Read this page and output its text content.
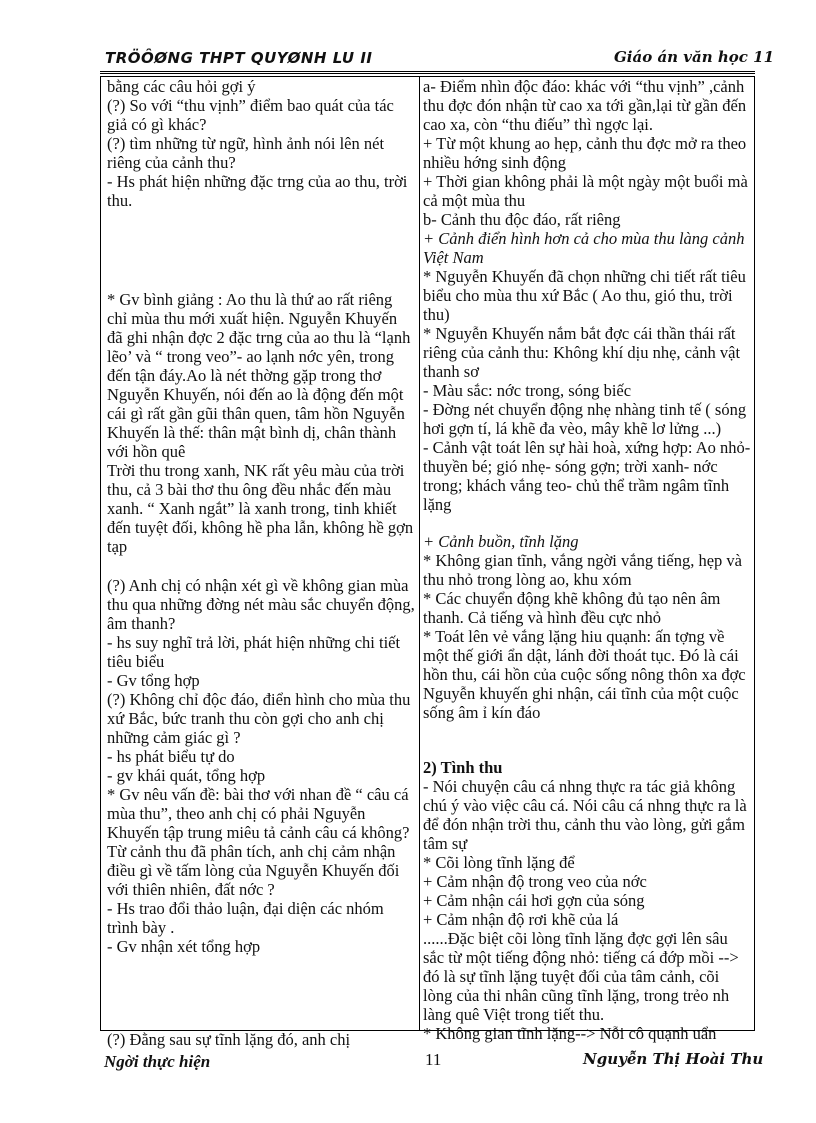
TRÖÔØNG THPT QUYØNH LU II	Giáo án văn học 11

bằng các câu hỏi gợi ý

(?) So với “thu vịnh” điểm bao quát của tác giả có gì khác?

(?) tìm những từ ngữ, hình ảnh nói lên nét riêng của cảnh thu?

- Hs phát hiện những đặc trng của ao thu, trời thu.

* Gv bình giảng : Ao thu là thứ ao rất riêng chỉ mùa thu mới xuất hiện. Nguyễn Khuyến đã ghi nhận đợc 2 đặc trng của ao thu là “lạnh lẽo’ và “ trong veo”- ao lạnh nớc yên, trong đến tận đáy.Ao là nét thờng gặp trong thơ Nguyễn Khuyến, nói đến ao là động đến một cái gì rất gần gũi thân quen, tâm hồn Nguyễn Khuyến là thế: thân mật bình dị, chân thành với hồn quê

Trời thu trong xanh, NK rất yêu màu của trời thu, cả 3 bài thơ thu ông đều nhắc đến màu xanh. “ Xanh ngắt” là xanh trong, tinh khiết đến tuyệt đối, không hề pha lẫn, không hề gợn tạp

(?) Anh chị có nhận xét gì về không gian mùa thu qua những đờng nét màu sắc chuyển động, âm thanh?

- hs suy nghĩ trả lời, phát hiện những chi tiết tiêu biểu

- Gv tổng hợp

(?) Không chỉ độc đáo, điển hình cho mùa thu xứ Bắc, bức tranh thu còn gợi cho anh chị những cảm giác gì ?

- hs phát biểu tự do

- gv khái quát, tổng hợp

* Gv nêu vấn đề: bài thơ với nhan đề “ câu cá mùa thu”, theo anh chị có phải Nguyễn Khuyến tập trung miêu tả cảnh câu cá không? Từ cảnh thu đã phân tích, anh chị cảm nhận điều gì về tấm lòng của Nguyễn Khuyến đối với thiên nhiên, đất nớc ?

- Hs trao đổi thảo luận, đại diện các nhóm trình bày .

- Gv nhận xét tổng hợp

(?) Đằng sau sự tĩnh lặng đó, anh chị

a- Điểm nhìn độc đáo: khác với “thu vịnh” ,cảnh thu đợc đón nhận từ cao xa tới gần,lại từ gần đến cao xa, còn “thu điếu” thì ngợc lại.

+ Từ một khung ao hẹp, cảnh thu đợc mở ra theo nhiều hớng sinh động

+ Thời gian không phải là một ngày một buổi mà cả một mùa thu

b- Cảnh thu độc đáo, rất riêng

+ Cảnh điển hình hơn cả cho mùa thu làng cảnh Việt Nam

* Nguyễn Khuyến đã chọn những chi tiết rất tiêu biểu cho mùa thu xứ Bắc ( Ao thu, gió thu, trời thu)

* Nguyễn Khuyến nắm bắt đợc cái thần thái rất riêng của cảnh thu: Không khí dịu nhẹ, cảnh vật thanh sơ

- Màu sắc: nớc trong, sóng biếc

- Đờng nét chuyển động nhẹ nhàng tinh tế ( sóng hơi gợn tí, lá khẽ đa vèo, mây khẽ lơ lửng ...)

- Cảnh vật toát lên sự hài hoà, xứng hợp: Ao nhỏ-thuyền bé; gió nhẹ- sóng gợn; trời xanh- nớc trong; khách vắng teo- chủ thể trầm ngâm tĩnh lặng

+ Cảnh buồn, tĩnh lặng

* Không gian tĩnh, vắng ngời vắng tiếng, hẹp và thu nhỏ trong lòng ao, khu xóm

* Các chuyển động khẽ không đủ tạo nên âm thanh. Cả tiếng và hình đều cực nhỏ

* Toát lên vẻ vắng lặng hiu quạnh: ấn tợng về một thế giới ẩn dật, lánh đời thoát tục. Đó là cái hồn thu, cái hồn của cuộc sống nông thôn xa đợc Nguyễn khuyến ghi nhận, cái tĩnh của một cuộc sống âm ỉ kín đáo

2) Tình thu

- Nói chuyện câu cá nhng thực ra tác giả không chú ý vào việc câu cá. Nói câu cá nhng thực ra là để đón nhận trời thu, cảnh thu vào lòng, gửi gắm tâm sự

* Cõi lòng tĩnh lặng để

+ Cảm nhận độ trong veo của nớc

+ Cảm nhận cái hơi gợn của sóng

+ Cảm nhận độ rơi khẽ của lá

......Đặc biệt cõi lòng tĩnh lặng đợc gợi lên sâu sắc từ một tiếng động nhỏ: tiếng cá đớp mồi --> đó là sự tĩnh lặng tuyệt đối của tâm cảnh, cõi lòng của thi nhân cũng tĩnh lặng, trong trẻo nh làng quê Việt trong tiết thu.

* Không gian tĩnh lặng--> Nỗi cô quạnh uẩn

Ngời thực hiện	11	Nguyễn Thị Hoài Thu
